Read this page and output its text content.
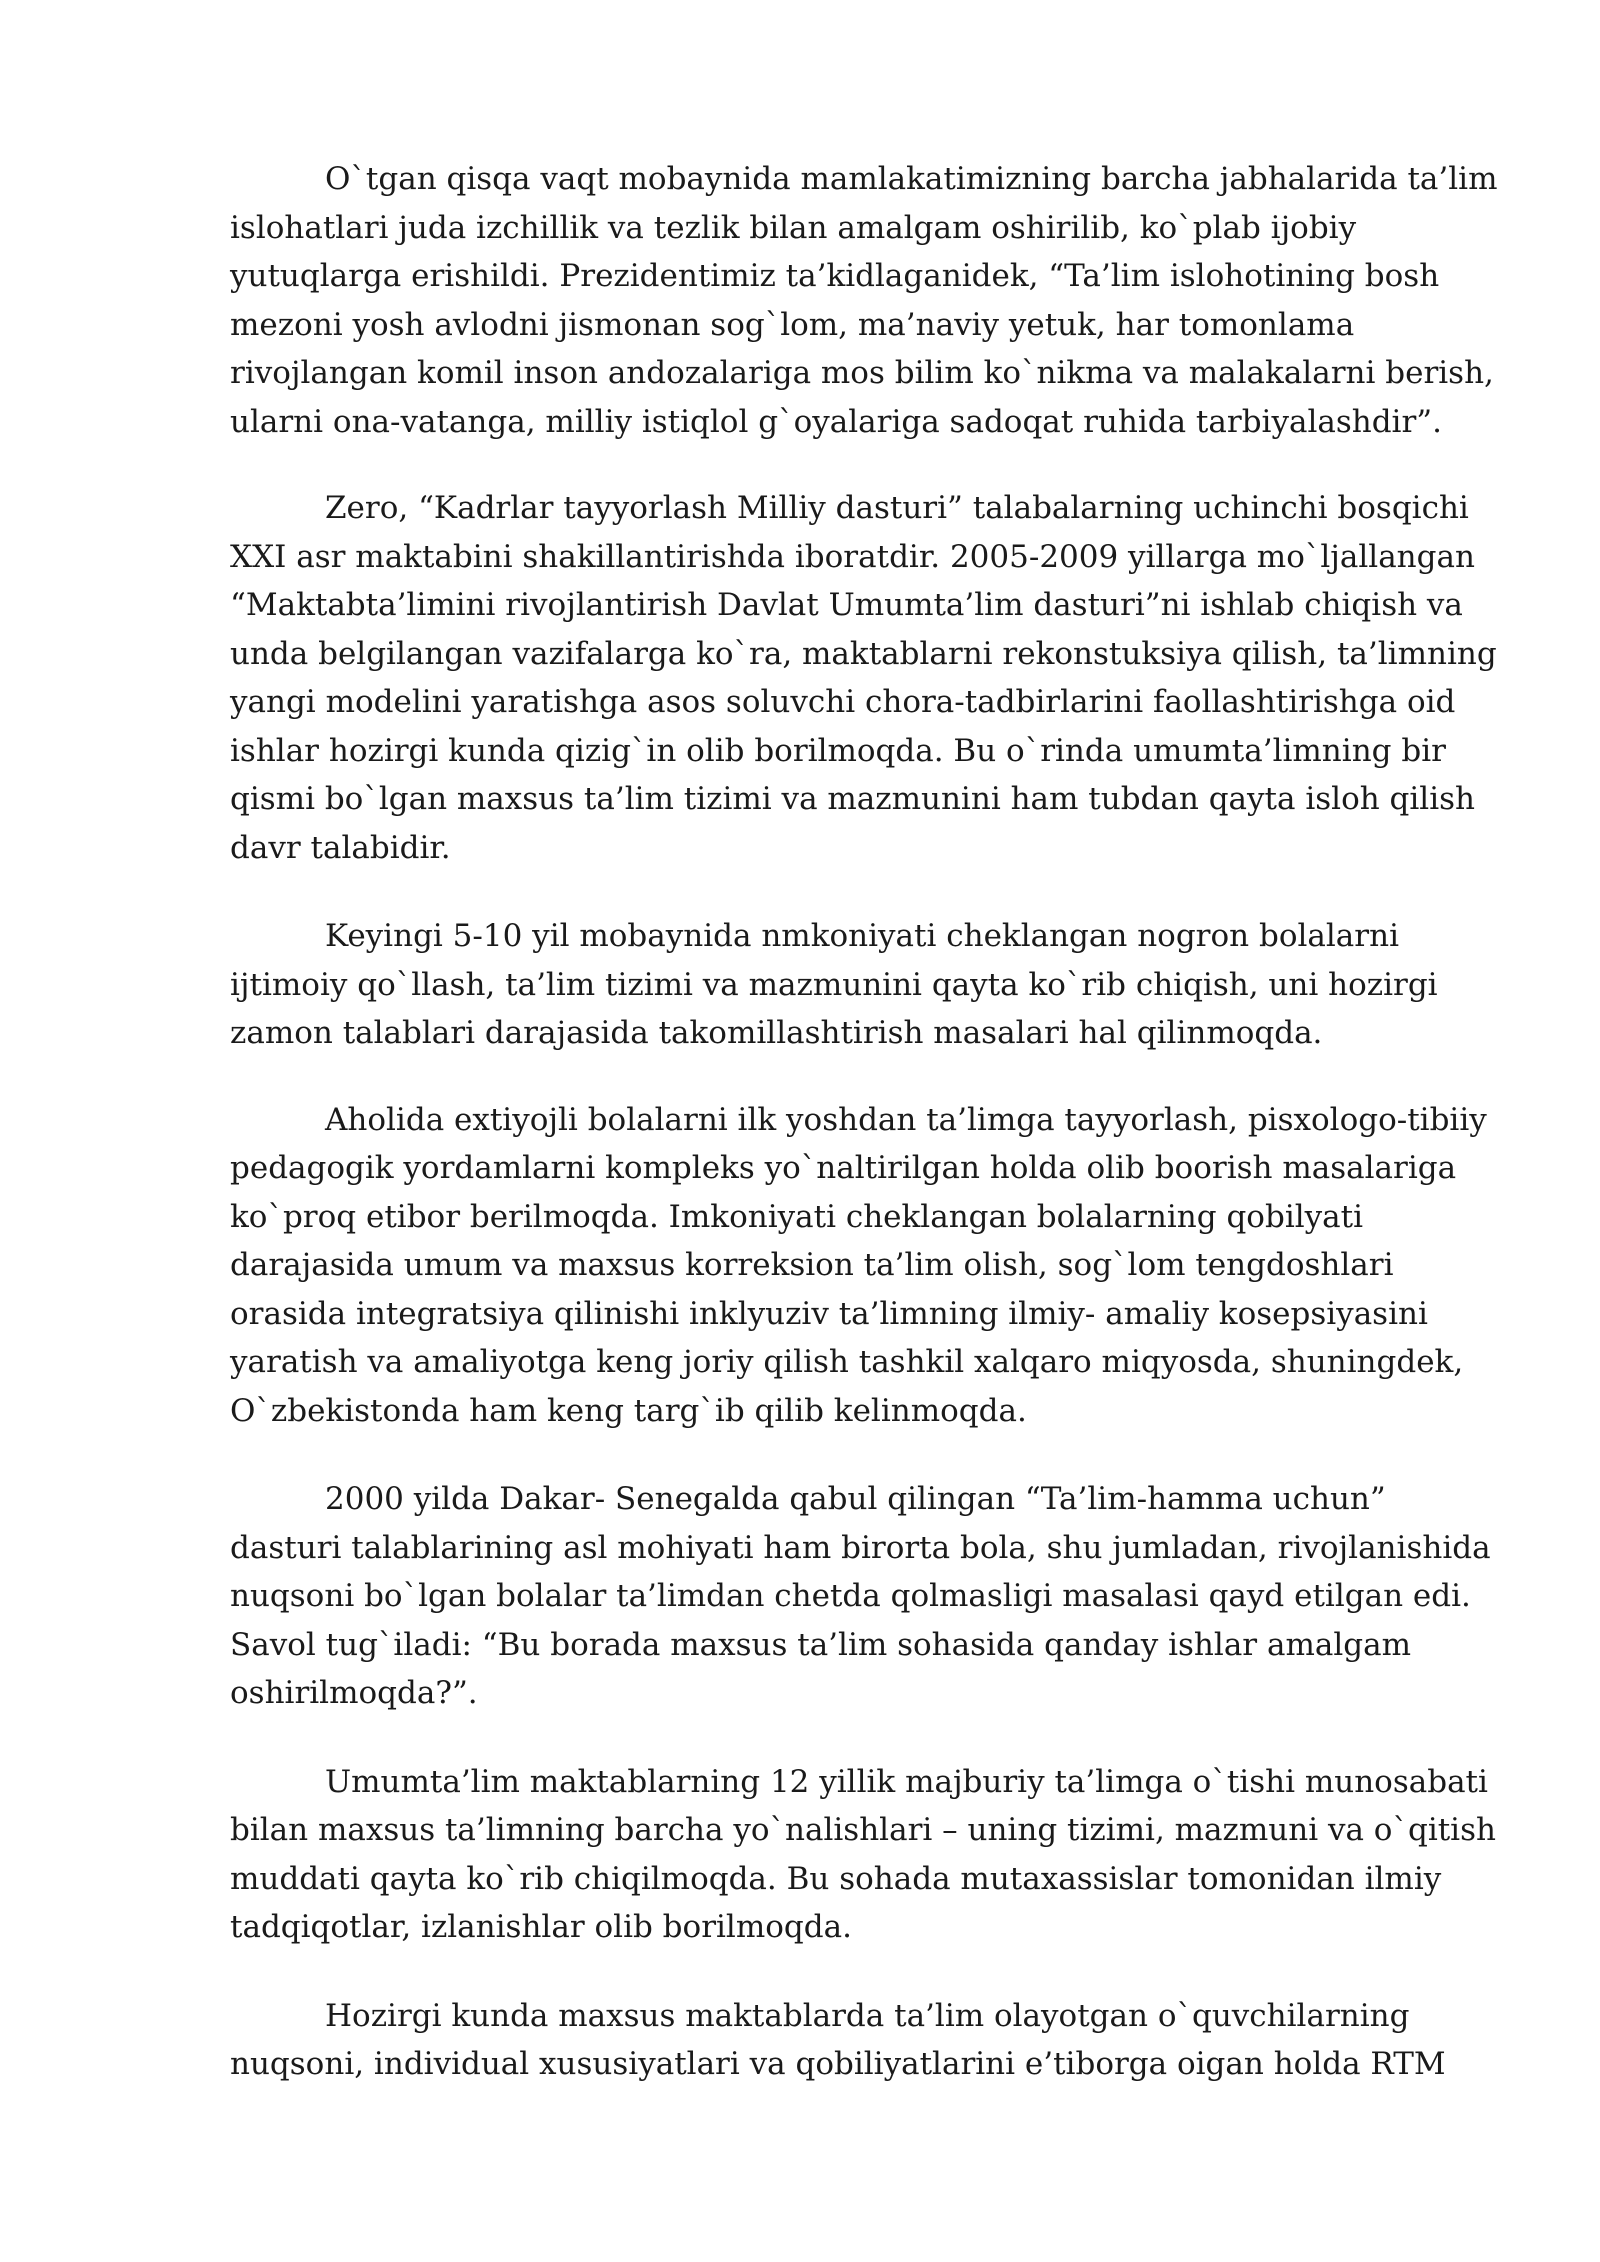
O`tgan qisqa vaqt mobaynida mamlakatimizning barcha jabhalarida ta’lim islohatlari juda izchillik va tezlik bilan amalgam oshirilib, ko`plab ijobiy yutuqlarga erishildi. Prezidentimiz ta’kidlaganidek, “Ta’lim islohotining bosh mezoni yosh avlodni jismonan sog`lom, ma’naviy yetuk, har tomonlama rivojlangan komil inson andozalariga mos bilim ko`nikma va malakalarni berish, ularni ona-vatanga, milliy istiqlol g`oyalariga sadoqat ruhida tarbiyalashdir”.

Zero, “Kadrlar tayyorlash Milliy dasturi” talabalarning uchinchi bosqichi XXI asr maktabini shakillantirishda iboratdir. 2005-2009 yillarga mo`ljallangan “Maktabta’limini rivojlantirish Davlat Umumta’lim dasturi”ni ishlab chiqish va unda belgilangan vazifalarga ko`ra, maktablarni rekonstuksiya qilish, ta’limning yangi modelini yaratishga asos soluvchi chora-tadbirlarini faollashtirishga oid ishlar hozirgi kunda qizig`in olib borilmoqda. Bu o`rinda umumta’limning bir qismi bo`lgan maxsus ta’lim tizimi va mazmunini ham tubdan qayta isloh qilish davr talabidir.

Keyingi 5-10 yil mobaynida nmkoniyati cheklangan nogron bolalarni ijtimoiy qo`llash, ta’lim tizimi va mazmunini qayta ko`rib chiqish, uni hozirgi zamon talablari darajasida takomillashtirish masalari hal qilinmoqda.

Aholida extiyojli bolalarni ilk yoshdan ta’limga tayyorlash, pisxologo-tibiiy pedagogik yordamlarni kompleks yo`naltirilgan holda olib boorish masalariga ko`proq etibor berilmoqda. Imkoniyati cheklangan bolalarning qobilyati darajasida umum va maxsus korreksion ta’lim olish, sog`lom tengdoshlari orasida integratsiya qilinishi inklyuziv ta’limning ilmiy- amaliy kosepsiyasini yaratish va amaliyotga keng joriy qilish tashkil xalqaro miqyosda, shuningdek, O`zbekistonda ham keng targ`ib qilib kelinmoqda.

2000 yilda Dakar- Senegalda qabul qilingan “Ta’lim-hamma uchun” dasturi talablarining asl mohiyati ham birorta bola, shu jumladan, rivojlanishida nuqsoni bo`lgan bolalar ta’limdan chetda qolmasligi masalasi qayd etilgan edi. Savol tug`iladi: “Bu borada maxsus ta’lim sohasida qanday ishlar amalgam oshirilmoqda?”.

Umumta’lim maktablarning 12 yillik majburiy ta’limga o`tishi munosabati bilan maxsus ta’limning barcha yo`nalishlari – uning tizimi, mazmuni va o`qitish muddati qayta ko`rib chiqilmoqda. Bu sohada mutaxassislar tomonidan ilmiy tadqiqotlar, izlanishlar olib borilmoqda.

Hozirgi kunda maxsus maktablarda ta’lim olayotgan o`quvchilarning nuqsoni, individual xususiyatlari va qobiliyatlarini e’tiborga oigan holda RTM
